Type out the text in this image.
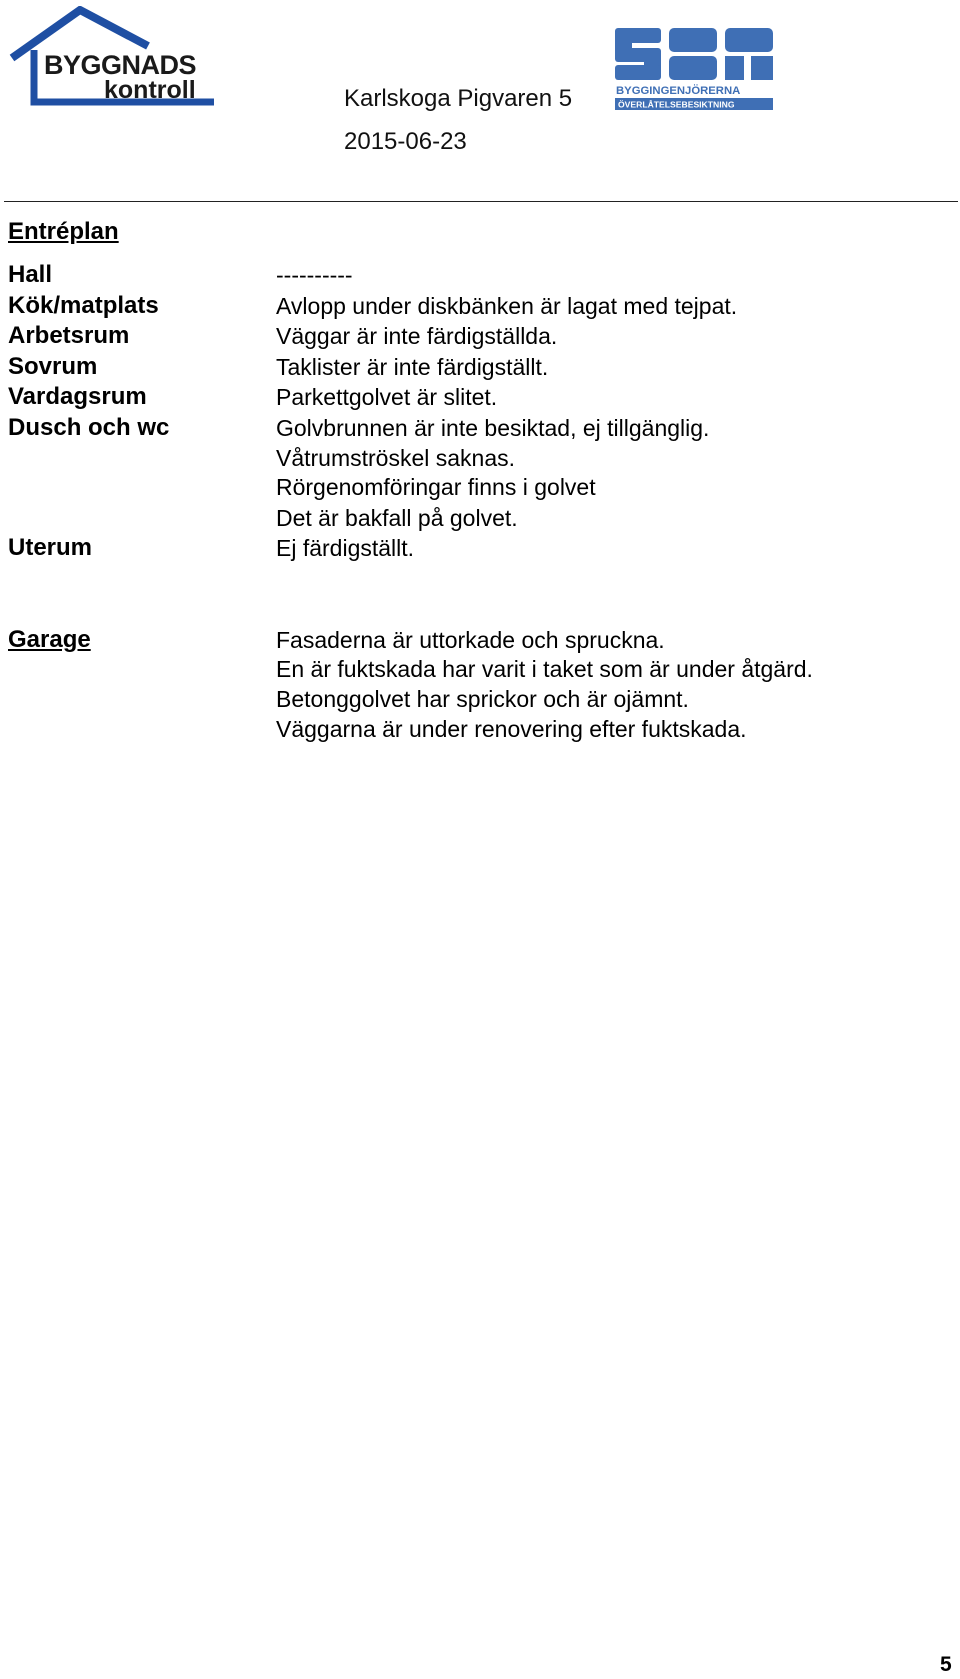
BYGGNADS
kontroll	BYGGINGENJÖRERNA
ÖVERLÅTELSEBESIKTNING
Karlskoga Pigvaren 5
2015-06-23
Entréplan
Hall	----------
Kök/matplats	Avlopp under diskbänken är lagat med tejpat.
Arbetsrum	Väggar är inte färdigställda.
Sovrum	Taklister är inte färdigställt.
Vardagsrum	Parkettgolvet är slitet.
Dusch och wc	Golvbrunnen är inte besiktad, ej tillgänglig.
Våtrumströskel saknas.
Rörgenomföringar finns i golvet
Det är bakfall på golvet.
Uterum	Ej färdigställt.
Garage	Fasaderna är uttorkade och spruckna.
En är fuktskada har varit i taket som är under åtgärd.
Betonggolvet har sprickor och är ojämnt.
Väggarna är under renovering efter fuktskada.
5
